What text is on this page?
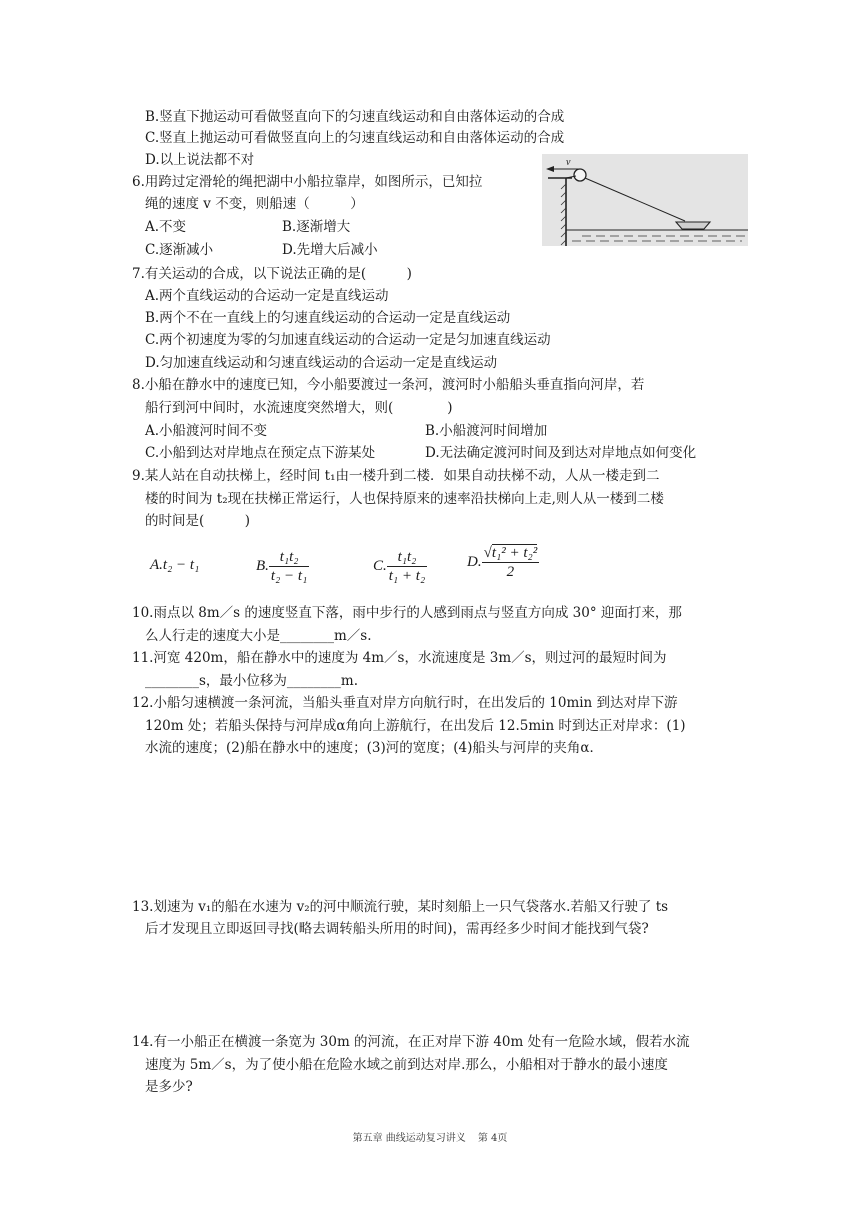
B.竖直下抛运动可看做竖直向下的匀速直线运动和自由落体运动的合成
C.竖直上抛运动可看做竖直向上的匀速直线运动和自由落体运动的合成
D.以上说法都不对
6.用跨过定滑轮的绳把湖中小船拉靠岸，如图所示，已知拉
绳的速度 v 不变，则船速（　　　）
A.不变	B.逐渐增大
C.逐渐减小	D.先增大后减小
v
7.有关运动的合成，以下说法正确的是(　　　)
A.两个直线运动的合运动一定是直线运动
B.两个不在一直线上的匀速直线运动的合运动一定是直线运动
C.两个初速度为零的匀加速直线运动的合运动一定是匀加速直线运动
D.匀加速直线运动和匀速直线运动的合运动一定是直线运动
8.小船在静水中的速度已知，今小船要渡过一条河，渡河时小船船头垂直指向河岸，若
船行到河中间时，水流速度突然增大，则(　　　　)
A.小船渡河时间不变	B.小船渡河时间增加
C.小船到达对岸地点在预定点下游某处	D.无法确定渡河时间及到达对岸地点如何变化
9.某人站在自动扶梯上，经时间 t₁由一楼升到二楼．如果自动扶梯不动，人从一楼走到二
楼的时间为 t₂现在扶梯正常运行，人也保持原来的速率沿扶梯向上走,则人从一楼到二楼
的时间是(　　　)
A.t₂ − t₁	B. $\frac{\text{t₁t₂}}{\text{t₂ − t₁}}$	C. $\frac{\text{t₁t₂}}{\text{t₁ + t₂}}$	D. $\frac{\text{√t₁² + t₂²}}{2}$
10.雨点以 8m／s 的速度竖直下落，雨中步行的人感到雨点与竖直方向成 30° 迎面打来，那
么人行走的速度大小是________m／s.
11.河宽 420m，船在静水中的速度为 4m／s，水流速度是 3m／s，则过河的最短时间为
________s，最小位移为________m.
12.小船匀速横渡一条河流，当船头垂直对岸方向航行时，在出发后的 10min 到达对岸下游
120m 处；若船头保持与河岸成α角向上游航行，在出发后 12.5min 时到达正对岸求：(1)
水流的速度；(2)船在静水中的速度；(3)河的宽度；(4)船头与河岸的夹角α．
13.划速为 v₁的船在水速为 v₂的河中顺流行驶，某时刻船上一只气袋落水.若船又行驶了 ts
后才发现且立即返回寻找(略去调转船头所用的时间)，需再经多少时间才能找到气袋?
14.有一小船正在横渡一条宽为 30m 的河流，在正对岸下游 40m 处有一危险水域，假若水流
速度为 5m／s，为了使小船在危险水域之前到达对岸.那么，小船相对于静水的最小速度
是多少?
第五章 曲线运动复习讲义 第 4页
